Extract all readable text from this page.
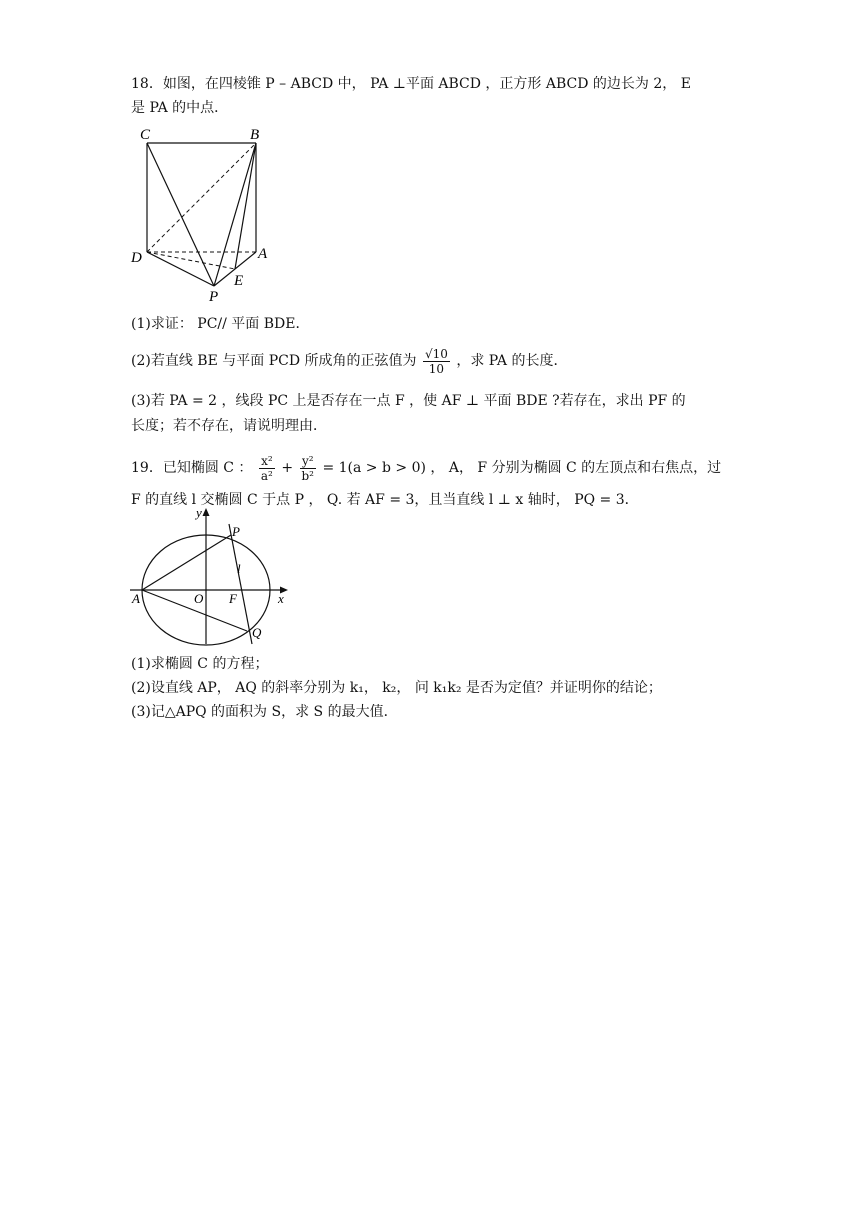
18．如图，在四棱锥 P – ABCD 中， PA ⊥平面 ABCD ，正方形 ABCD 的边长为 2， E
是 PA 的中点．
C	B
D	A
E
P
(1)求证： PC// 平面 BDE．
(2)若直线 BE 与平面 PCD 所成角的正弦值为 $\frac{√10}{10}$ ，求 PA 的长度．
(3)若 PA = 2 ，线段 PC 上是否存在一点 F ，使 AF ⊥ 平面 BDE ?若存在，求出 PF 的
长度；若不存在，请说明理由．
19．已知椭圆 C ： $\frac{\text{x²}}{\text{a²}} + \frac{\text{y²}}{\text{b²}} = 1(a > b > 0)$ ， A， F 分别为椭圆 C 的左顶点和右焦点，过
F 的直线 l 交椭圆 C 于点 P ， Q. 若 AF = 3，且当直线 l ⊥ x 轴时， PQ = 3．
y
x
P
l
A	O F
Q
(1)求椭圆 C 的方程；
(2)设直线 AP， AQ 的斜率分别为 k₁， k₂， 问 k₁k₂ 是否为定值？并证明你的结论；
(3)记△APQ 的面积为 S，求 S 的最大值．
